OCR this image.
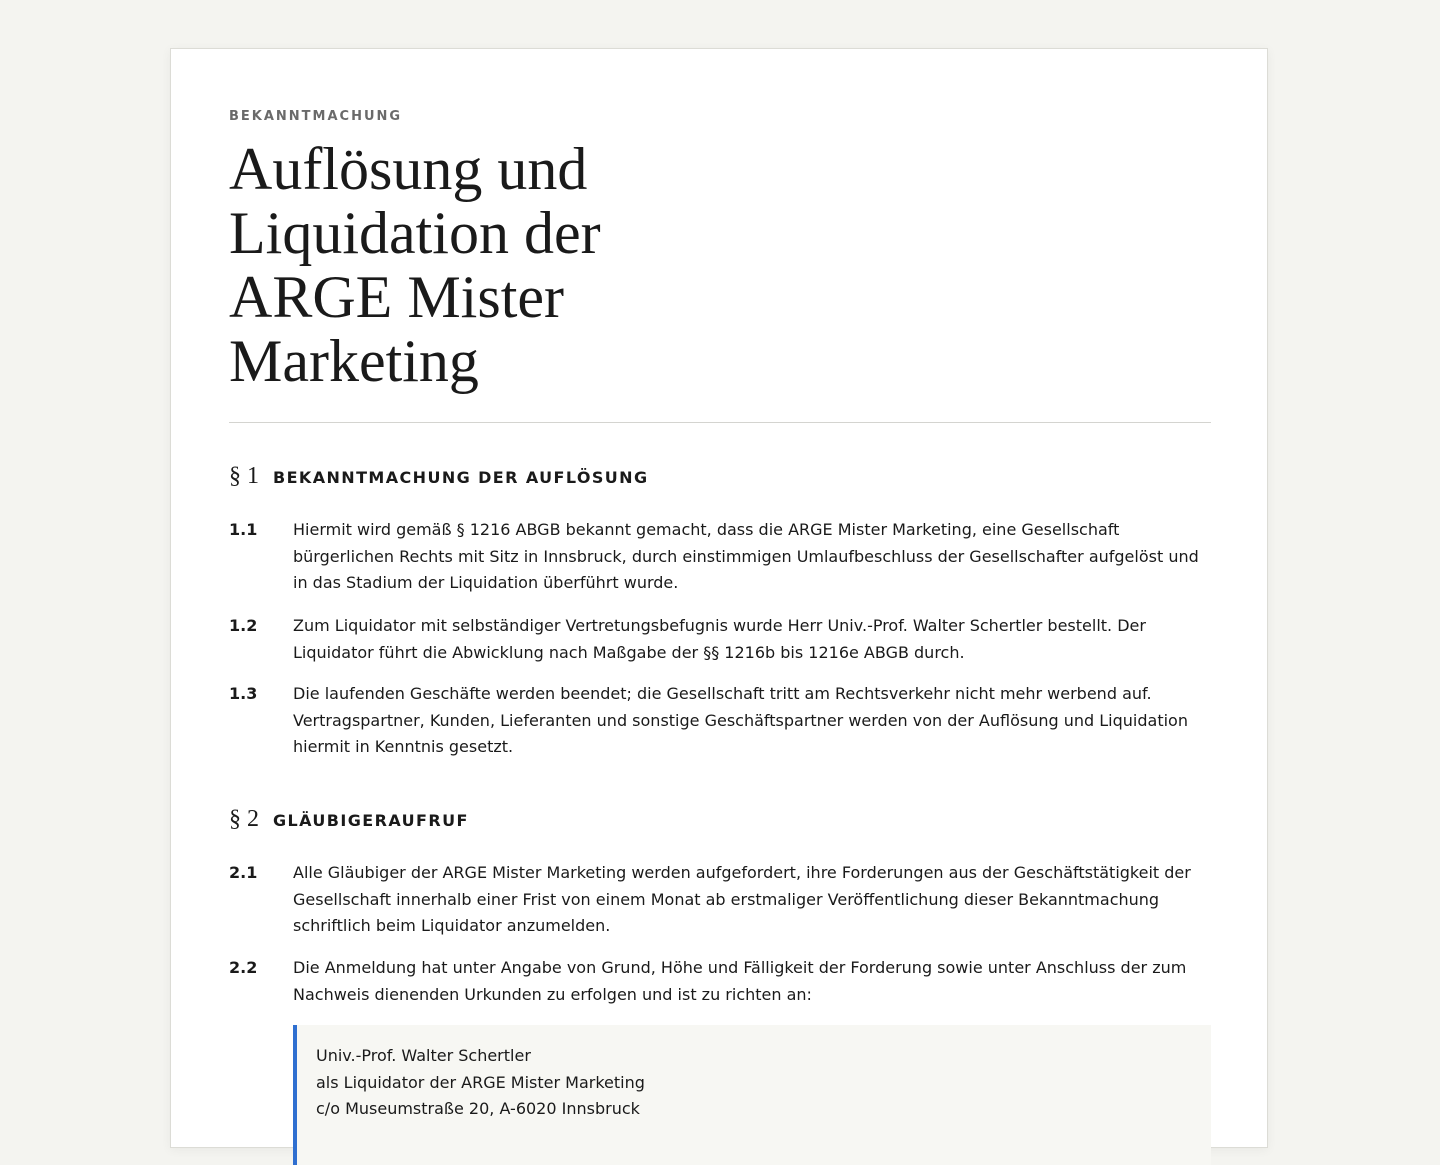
BEKANNTMACHUNG

Auflösung und Liquidation der ARGE Mister Marketing
§ 1 BEKANNTMACHUNG DER AUFLÖSUNG
1.1	Hiermit wird gemäß § 1216 ABGB bekannt gemacht, dass die ARGE Mister Marketing, eine Gesellschaft bürgerlichen Rechts mit Sitz in Innsbruck, durch einstimmigen Umlaufbeschluss der Gesellschafter aufgelöst und in das Stadium der Liquidation überführt wurde.
1.2	Zum Liquidator mit selbständiger Vertretungsbefugnis wurde Herr Univ.-Prof. Walter Schertler bestellt. Der Liquidator führt die Abwicklung nach Maßgabe der §§ 1216b bis 1216e ABGB durch.
1.3	Die laufenden Geschäfte werden beendet; die Gesellschaft tritt am Rechtsverkehr nicht mehr werbend auf. Vertragspartner, Kunden, Lieferanten und sonstige Geschäftspartner werden von der Auflösung und Liquidation hiermit in Kenntnis gesetzt.
§ 2 GLÄUBIGERAUFRUF
2.1	Alle Gläubiger der ARGE Mister Marketing werden aufgefordert, ihre Forderungen aus der Geschäftstätigkeit der Gesellschaft innerhalb einer Frist von einem Monat ab erstmaliger Veröffentlichung dieser Bekanntmachung schriftlich beim Liquidator anzumelden.
2.2	Die Anmeldung hat unter Angabe von Grund, Höhe und Fälligkeit der Forderung sowie unter Anschluss der zum Nachweis dienenden Urkunden zu erfolgen und ist zu richten an:
Univ.-Prof. Walter Schertler
als Liquidator der ARGE Mister Marketing
c/o Museumstraße 20, A-6020 Innsbruck
